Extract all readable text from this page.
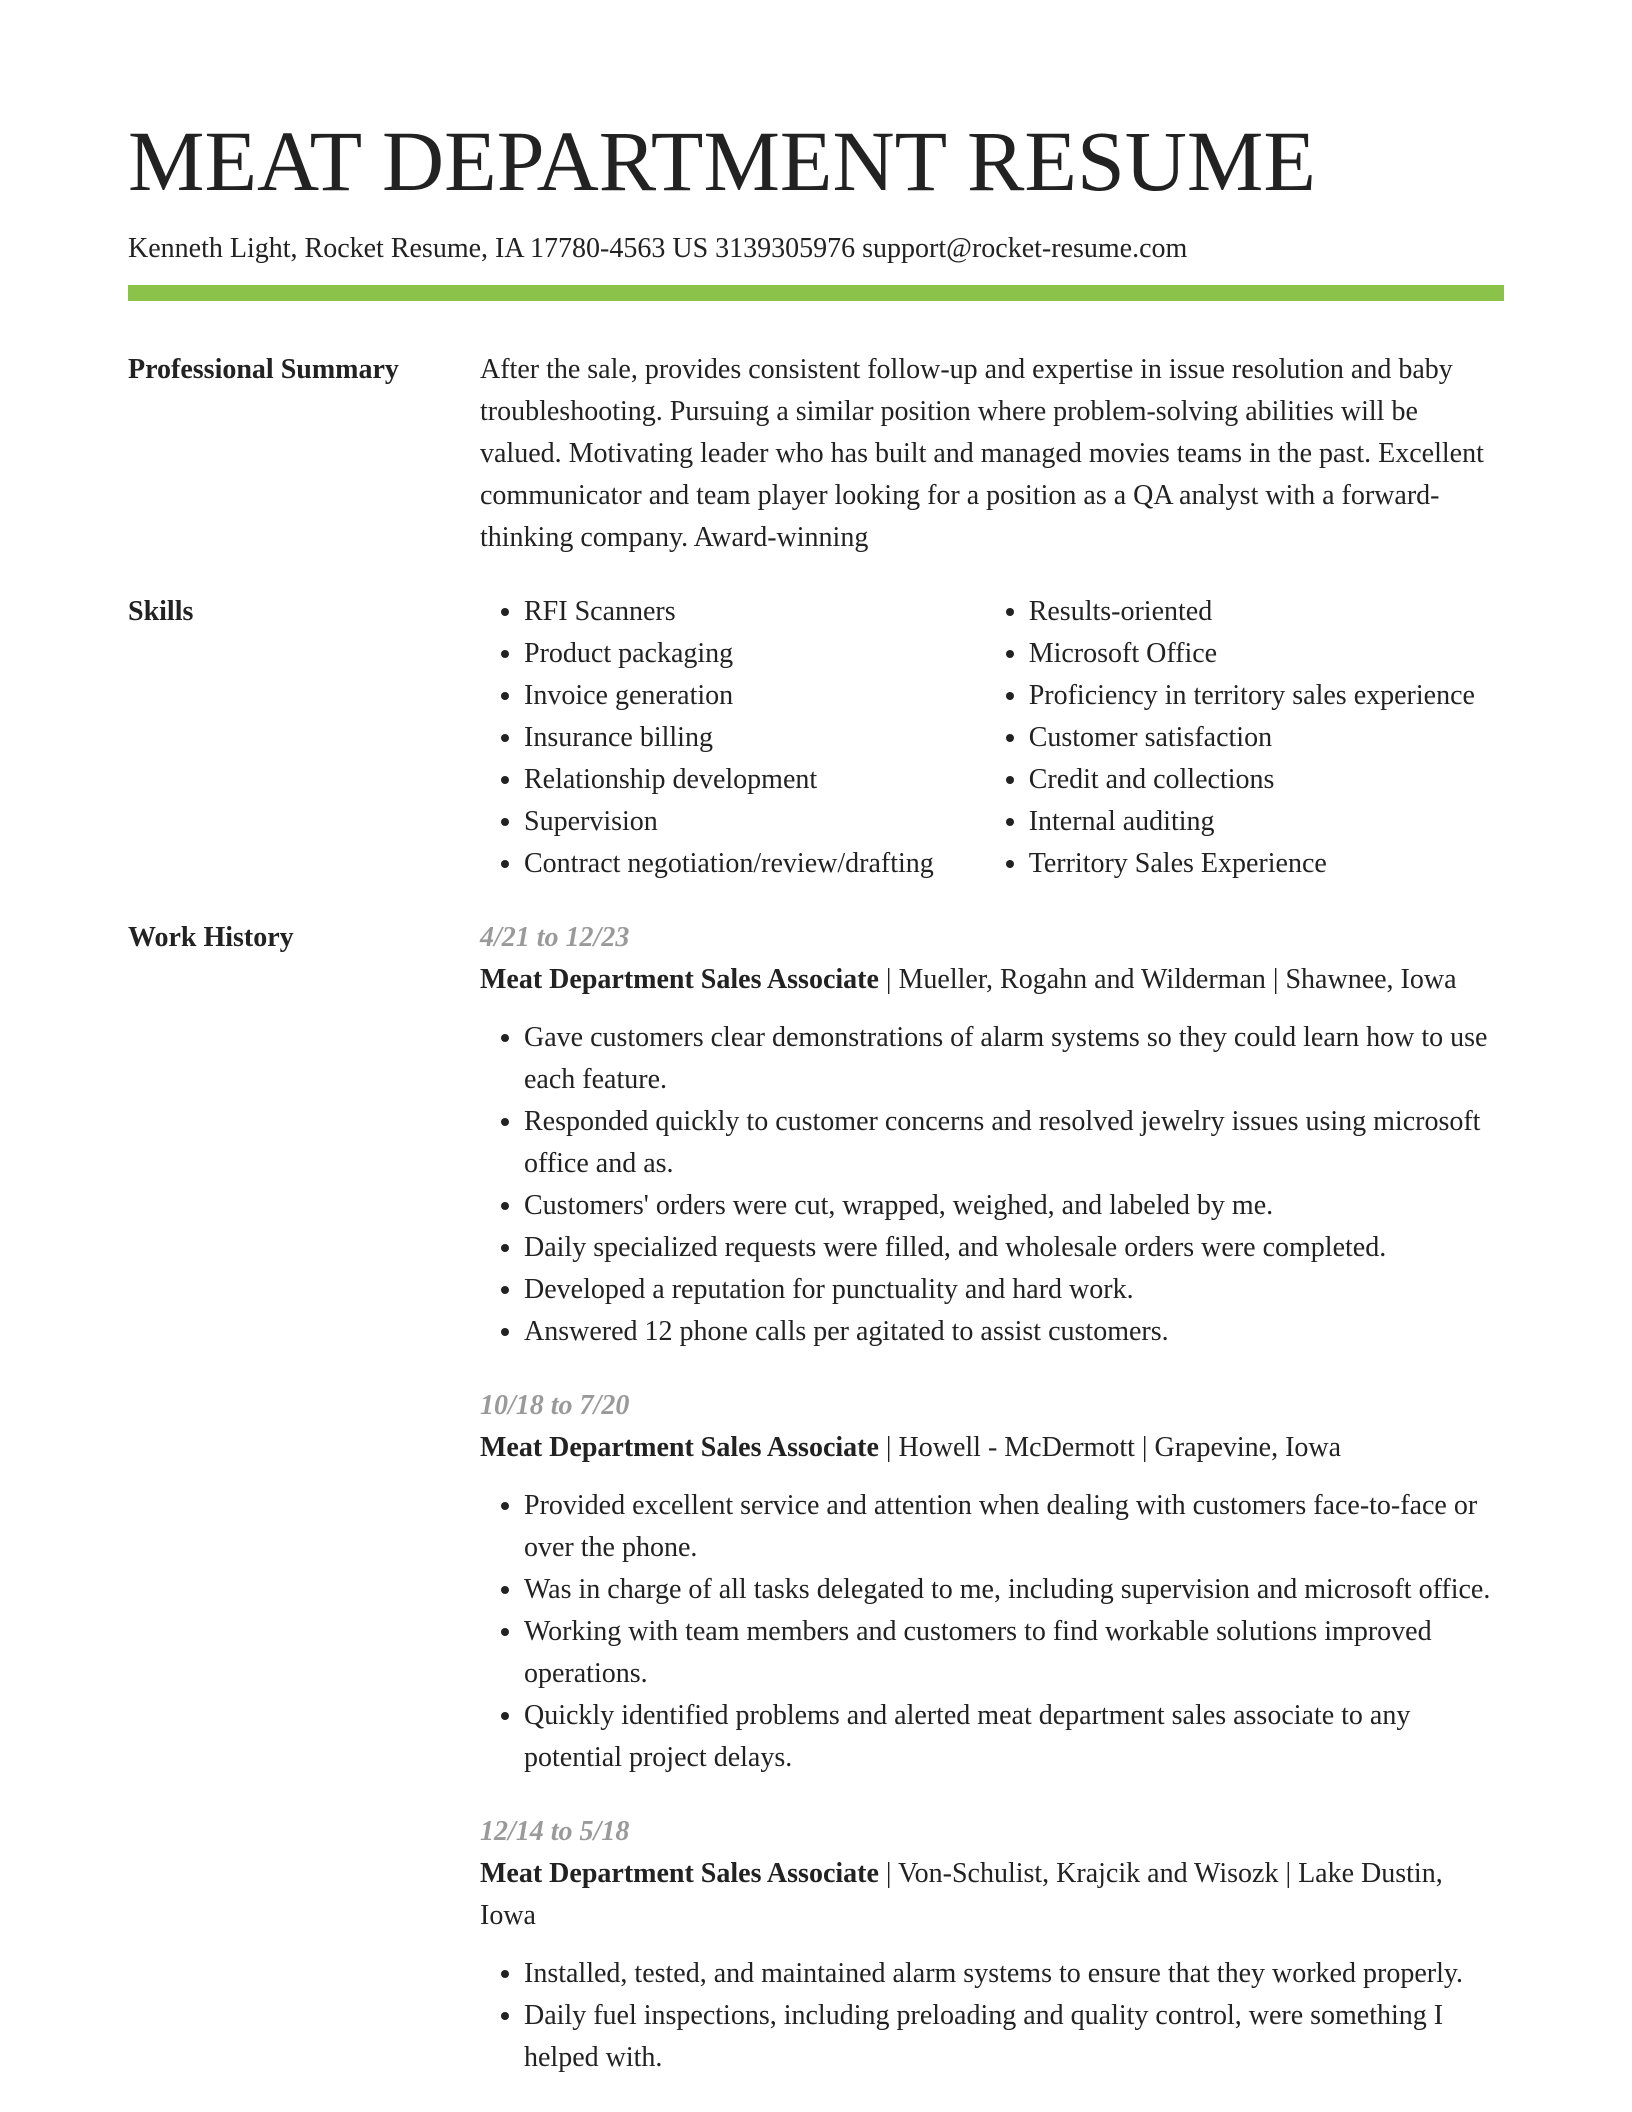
MEAT DEPARTMENT RESUME
Kenneth Light, Rocket Resume, IA 17780-4563 US 3139305976 support@rocket-resume.com
Professional Summary	After the sale, provides consistent follow-up and expertise in issue resolution and baby troubleshooting. Pursuing a similar position where problem-solving abilities will be valued. Motivating leader who has built and managed movies teams in the past. Excellent communicator and team player looking for a position as a QA analyst with a forward-thinking company. Award-winning

Skills
•	RFI Scanners
• Product packaging
• Invoice generation
• Insurance billing
• Relationship development
• Supervision
• Contract negotiation/review/drafting
• Results-oriented
• Microsoft Office
• Proficiency in territory sales experience
• Customer satisfaction
• Credit and collections
• Internal auditing
• Territory Sales Experience
Work History	4/21 to 12/23
Meat Department Sales Associate | Mueller, Rogahn and Wilderman | Shawnee, Iowa
• Gave customers clear demonstrations of alarm systems so they could learn how to use each feature.
• Responded quickly to customer concerns and resolved jewelry issues using microsoft office and as.
• Customers' orders were cut, wrapped, weighed, and labeled by me.
• Daily specialized requests were filled, and wholesale orders were completed.
• Developed a reputation for punctuality and hard work.
• Answered 12 phone calls per agitated to assist customers.
10/18 to 7/20
Meat Department Sales Associate | Howell - McDermott | Grapevine, Iowa
• Provided excellent service and attention when dealing with customers face-to-face or over the phone.
• Was in charge of all tasks delegated to me, including supervision and microsoft office.
• Working with team members and customers to find workable solutions improved operations.
• Quickly identified problems and alerted meat department sales associate to any potential project delays.
12/14 to 5/18
Meat Department Sales Associate | Von-Schulist, Krajcik and Wisozk | Lake Dustin, Iowa
• Installed, tested, and maintained alarm systems to ensure that they worked properly.
• Daily fuel inspections, including preloading and quality control, were something I helped with.
